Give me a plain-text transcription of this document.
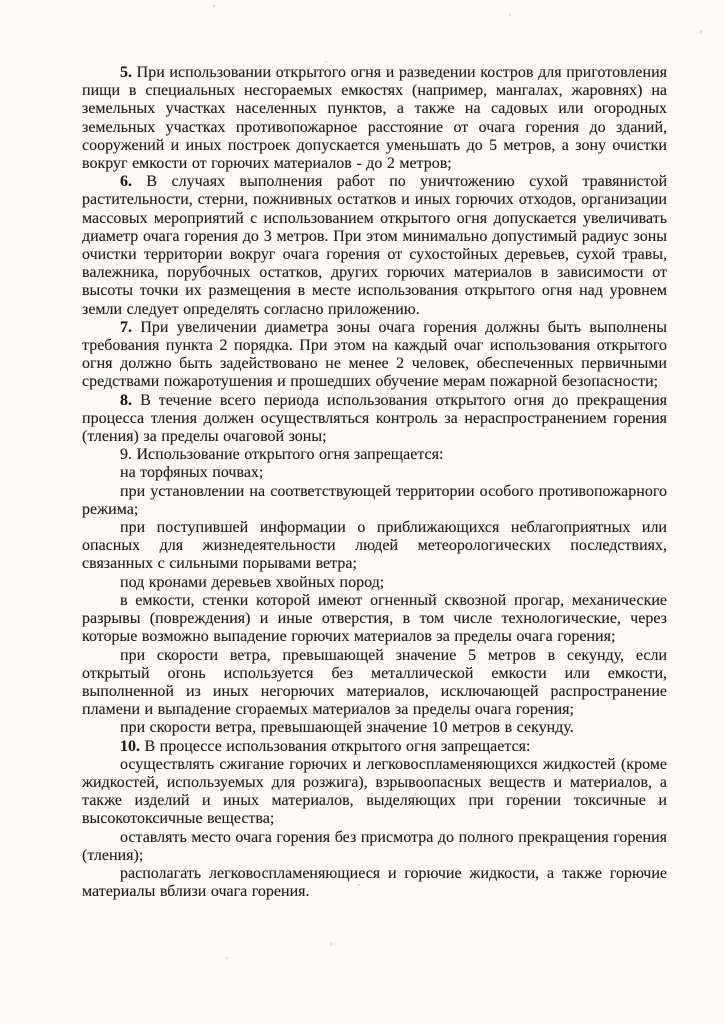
5. При использовании открытого огня и разведении костров для приготовления пищи в специальных несгораемых емкостях (например, мангалах, жаровнях) на земельных участках населенных пунктов, а также на садовых или огородных земельных участках противопожарное расстояние от очага горения до зданий, сооружений и иных построек допускается уменьшать до 5 метров, а зону очистки вокруг емкости от горючих материалов - до 2 метров;

6. В случаях выполнения работ по уничтожению сухой травянистой растительности, стерни, пожнивных остатков и иных горючих отходов, организации массовых мероприятий с использованием открытого огня допускается увеличивать диаметр очага горения до 3 метров. При этом минимально допустимый радиус зоны очистки территории вокруг очага горения от сухостойных деревьев, сухой травы, валежника, порубочных остатков, других горючих материалов в зависимости от высоты точки их размещения в месте использования открытого огня над уровнем земли следует определять согласно приложению.

7. При увеличении диаметра зоны очага горения должны быть выполнены требования пункта 2 порядка. При этом на каждый очаг использования открытого огня должно быть задействовано не менее 2 человек, обеспеченных первичными средствами пожаротушения и прошедших обучение мерам пожарной безопасности;

8. В течение всего периода использования открытого огня до прекращения процесса тления должен осуществляться контроль за нераспространением горения (тления) за пределы очаговой зоны;

9. Использование открытого огня запрещается:

на торфяных почвах;

при установлении на соответствующей территории особого противопожарного режима;

при поступившей информации о приближающихся неблагоприятных или опасных для жизнедеятельности людей метеорологических последствиях, связанных с сильными порывами ветра;

под кронами деревьев хвойных пород;

в емкости, стенки которой имеют огненный сквозной прогар, механические разрывы (повреждения) и иные отверстия, в том числе технологические, через которые возможно выпадение горючих материалов за пределы очага горения;

при скорости ветра, превышающей значение 5 метров в секунду, если открытый огонь используется без металлической емкости или емкости, выполненной из иных негорючих материалов, исключающей распространение пламени и выпадение сгораемых материалов за пределы очага горения;

при скорости ветра, превышающей значение 10 метров в секунду.

10. В процессе использования открытого огня запрещается:

осуществлять сжигание горючих и легковоспламеняющихся жидкостей (кроме жидкостей, используемых для розжига), взрывоопасных веществ и материалов, а также изделий и иных материалов, выделяющих при горении токсичные и высокотоксичные вещества;

оставлять место очага горения без присмотра до полного прекращения горения (тления);

располагать легковоспламеняющиеся и горючие жидкости, а также горючие материалы вблизи очага горения.
